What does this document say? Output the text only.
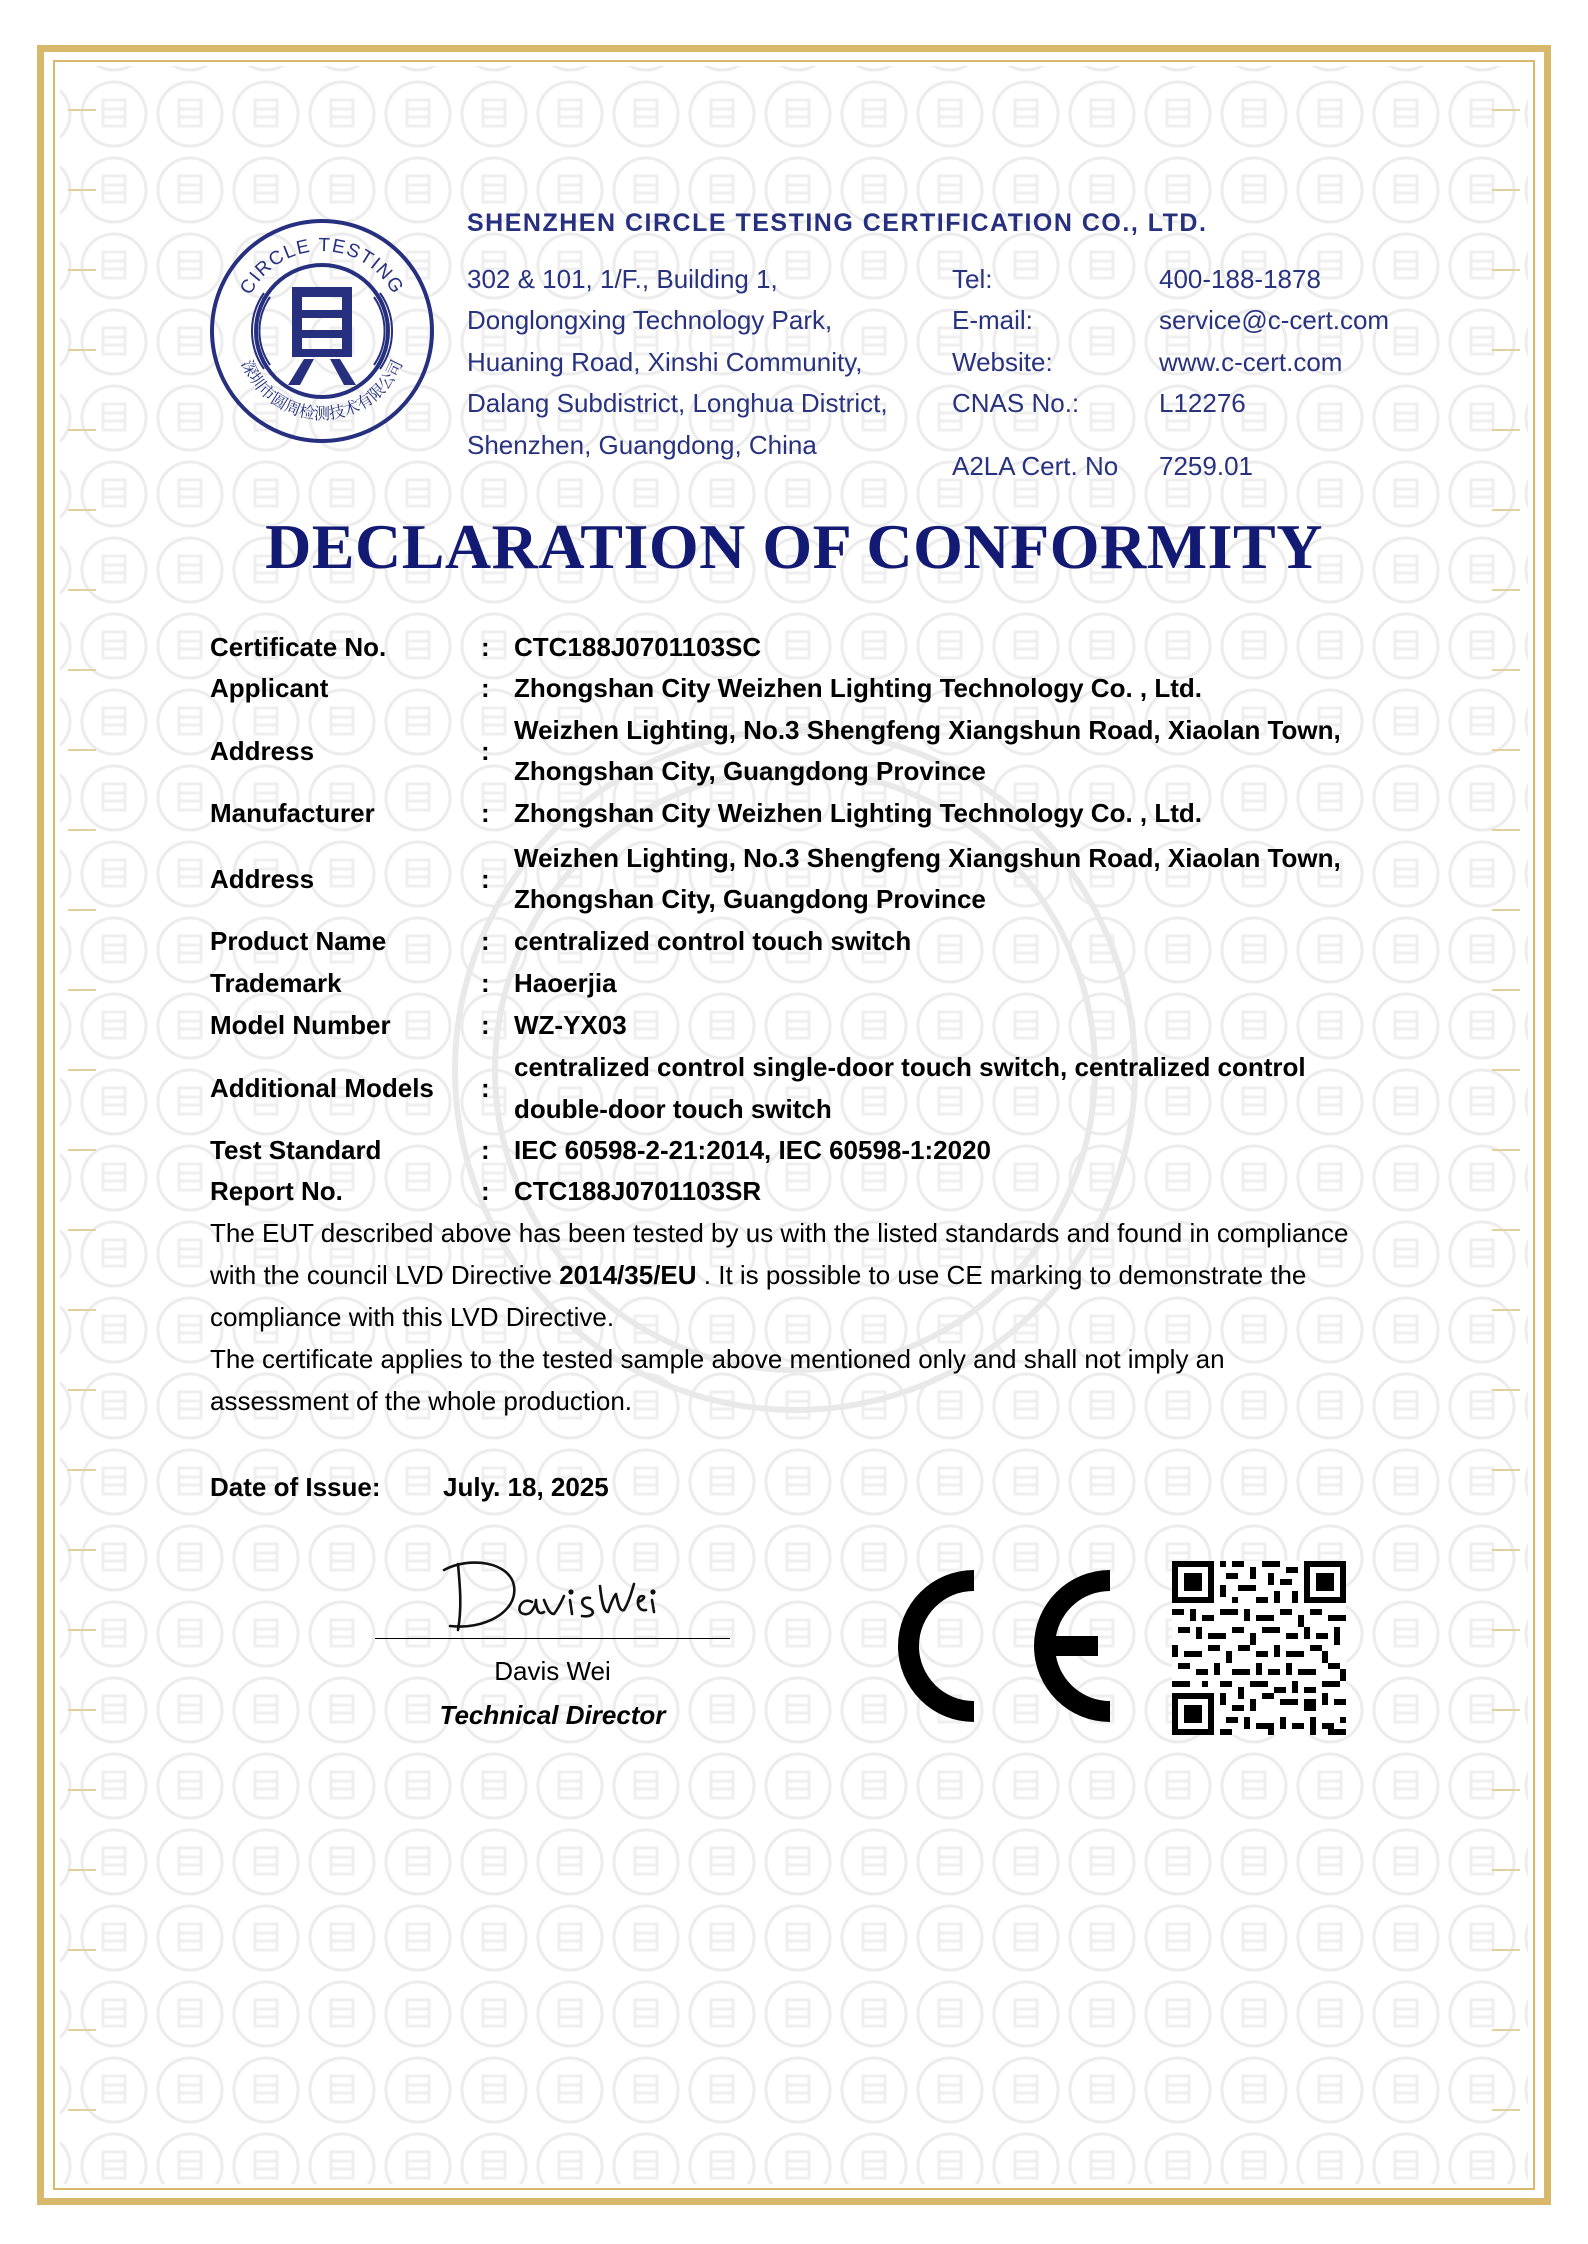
CIRCLE TESTING
深圳市圆周检测技术有限公司
SHENZHEN CIRCLE TESTING CERTIFICATION CO., LTD.
302 & 101, 1/F., Building 1,
Donglongxing Technology Park,
Huaning Road, Xinshi Community,
Dalang Subdistrict, Longhua District,
Shenzhen, Guangdong, China
Tel:	400-188-1878
E-mail:	service@c-cert.com
Website:	www.c-cert.com
CNAS No.:	L12276
A2LA Cert. No 7259.01
DECLARATION OF CONFORMITY
Certificate No.	: CTC188J0701103SC
Applicant	: Zhongshan City Weizhen Lighting Technology Co. , Ltd.
Address	:
Weizhen Lighting, No.3 Shengfeng Xiangshun Road, Xiaolan Town,
Zhongshan City, Guangdong Province
Manufacturer	: Zhongshan City Weizhen Lighting Technology Co. , Ltd.
Address	:
Weizhen Lighting, No.3 Shengfeng Xiangshun Road, Xiaolan Town,
Zhongshan City, Guangdong Province
Product Name	: centralized control touch switch
Trademark	: Haoerjia
Model Number	: WZ-YX03
Additional Models :
centralized control single-door touch switch, centralized control
double-door touch switch
Test Standard	: IEC 60598-2-21:2014, IEC 60598-1:2020
Report No.	: CTC188J0701103SR
The EUT described above has been tested by us with the listed standards and found in compliance
with the council LVD Directive 2014/35/EU . It is possible to use CE marking to demonstrate the
compliance with this LVD Directive.
The certificate applies to the tested sample above mentioned only and shall not imply an
assessment of the whole production.
Date of Issue: July. 18, 2025
Davis Wei
Technical Director
